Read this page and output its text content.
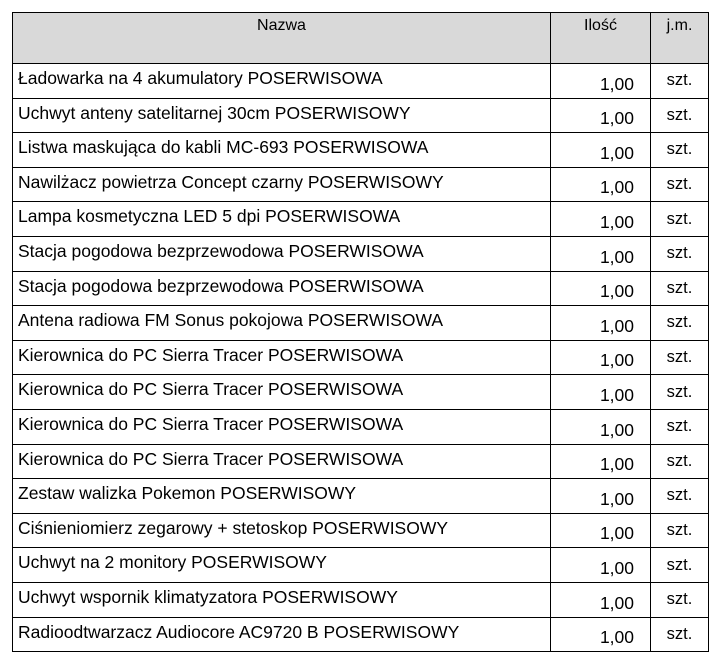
Nazwa	Ilość	j.m.
Ładowarka na 4 akumulatory POSERWISOWA	1,00	szt.
Uchwyt anteny satelitarnej 30cm POSERWISOWY	1,00	szt.
Listwa maskująca do kabli MC-693 POSERWISOWA	1,00	szt.
Nawilżacz powietrza Concept czarny POSERWISOWY	1,00	szt.
Lampa kosmetyczna LED 5 dpi POSERWISOWA	1,00	szt.
Stacja pogodowa bezprzewodowa POSERWISOWA	1,00	szt.
Stacja pogodowa bezprzewodowa POSERWISOWA	1,00	szt.
Antena radiowa FM Sonus pokojowa POSERWISOWA	1,00	szt.
Kierownica do PC Sierra Tracer POSERWISOWA	1,00	szt.
Kierownica do PC Sierra Tracer POSERWISOWA	1,00	szt.
Kierownica do PC Sierra Tracer POSERWISOWA	1,00	szt.
Kierownica do PC Sierra Tracer POSERWISOWA	1,00	szt.
Zestaw walizka Pokemon POSERWISOWY	1,00	szt.
Ciśnieniomierz zegarowy + stetoskop POSERWISOWY	1,00	szt.
Uchwyt na 2 monitory POSERWISOWY	1,00	szt.
Uchwyt wspornik klimatyzatora POSERWISOWY	1,00	szt.
Radioodtwarzacz Audiocore AC9720 B POSERWISOWY	1,00	szt.
